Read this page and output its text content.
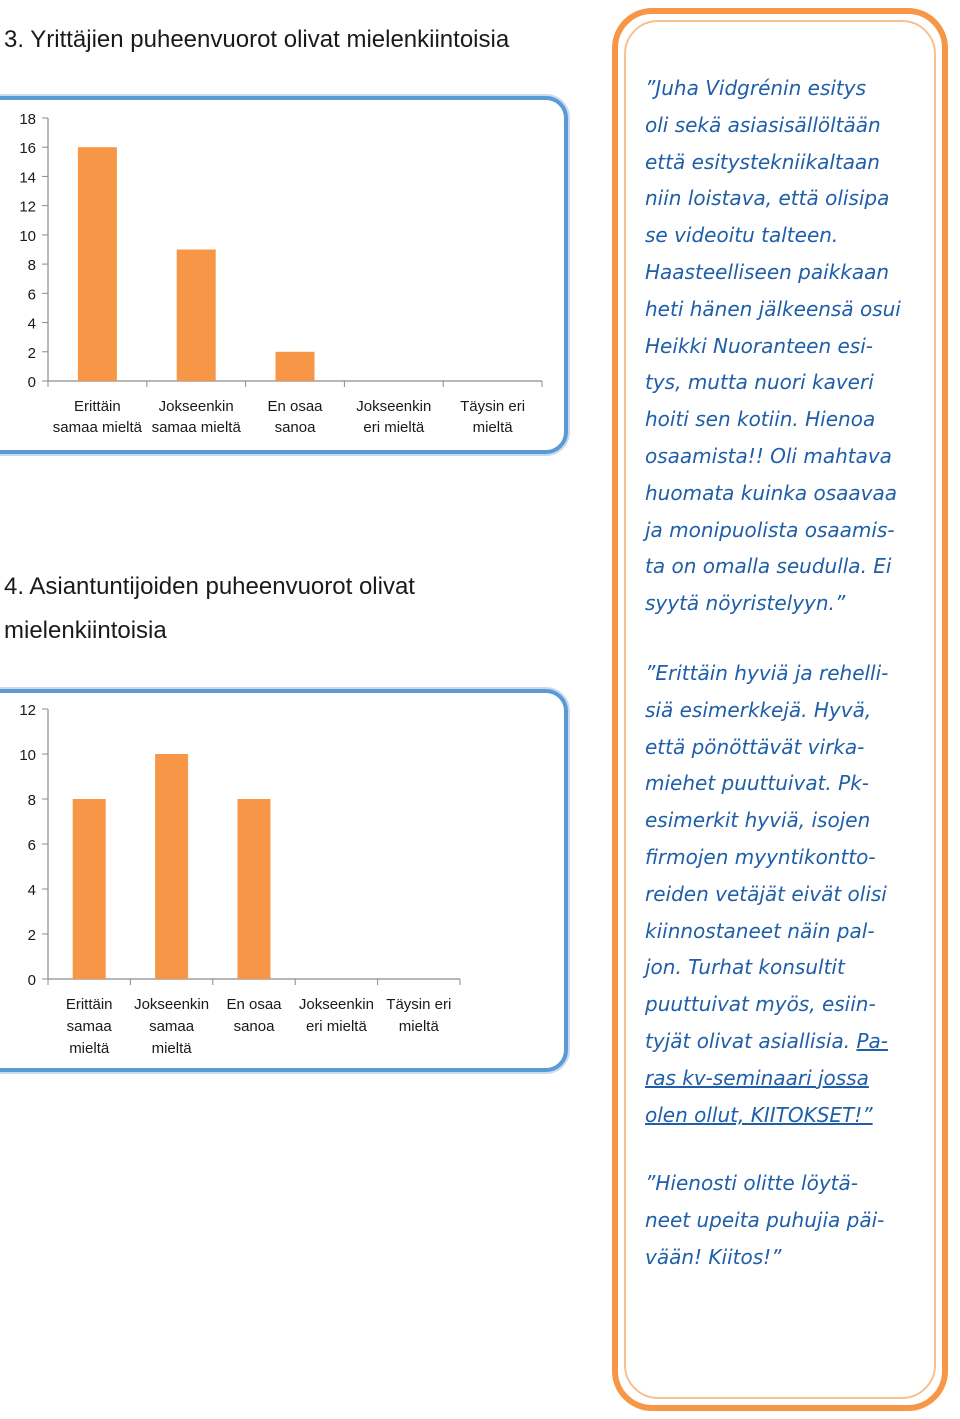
3. Yrittäjien puheenvuorot olivat mielenkiintoisia
4. Asiantuntijoiden puheenvuorot olivat mielenkiintoisia
0
2
4
6
8
10
12
14
16
18
Erittäin
samaa mieltä
Jokseenkin
samaa mieltä
En osaa
sanoa
Jokseenkin
eri mieltä
Täysin eri
mieltä
0
2
4
6
8
10
12
Erittäin
samaa
mieltä
Jokseenkin
samaa
mieltä
En osaa
sanoa
Jokseenkin
eri mieltä
Täysin eri
mieltä
”Juha Vidgrénin esitys
oli sekä asiasisällöltään
että esitystekniikaltaan
niin loistava, että olisipa
se videoitu talteen.
Haasteelliseen paikkaan
heti hänen jälkeensä osui
Heikki Nuoranteen esi-
tys, mutta nuori kaveri
hoiti sen kotiin. Hienoa
osaamista!! Oli mahtava
huomata kuinka osaavaa
ja monipuolista osaamis-
ta on omalla seudulla. Ei
syytä nöyristelyyn.”
”Erittäin hyviä ja rehelli-
siä esimerkkejä. Hyvä,
että pönöttävät virka-
miehet puuttuivat. Pk-
esimerkit hyviä, isojen
firmojen myyntikontto-
reiden vetäjät eivät olisi
kiinnostaneet näin pal-
jon. Turhat konsultit
puuttuivat myös, esiin-
tyjät olivat asiallisia. Pa-
ras kv-seminaari jossa
olen ollut, KIITOKSET!”
”Hienosti olitte löytä-
neet upeita puhujia päi-
vään! Kiitos!”
